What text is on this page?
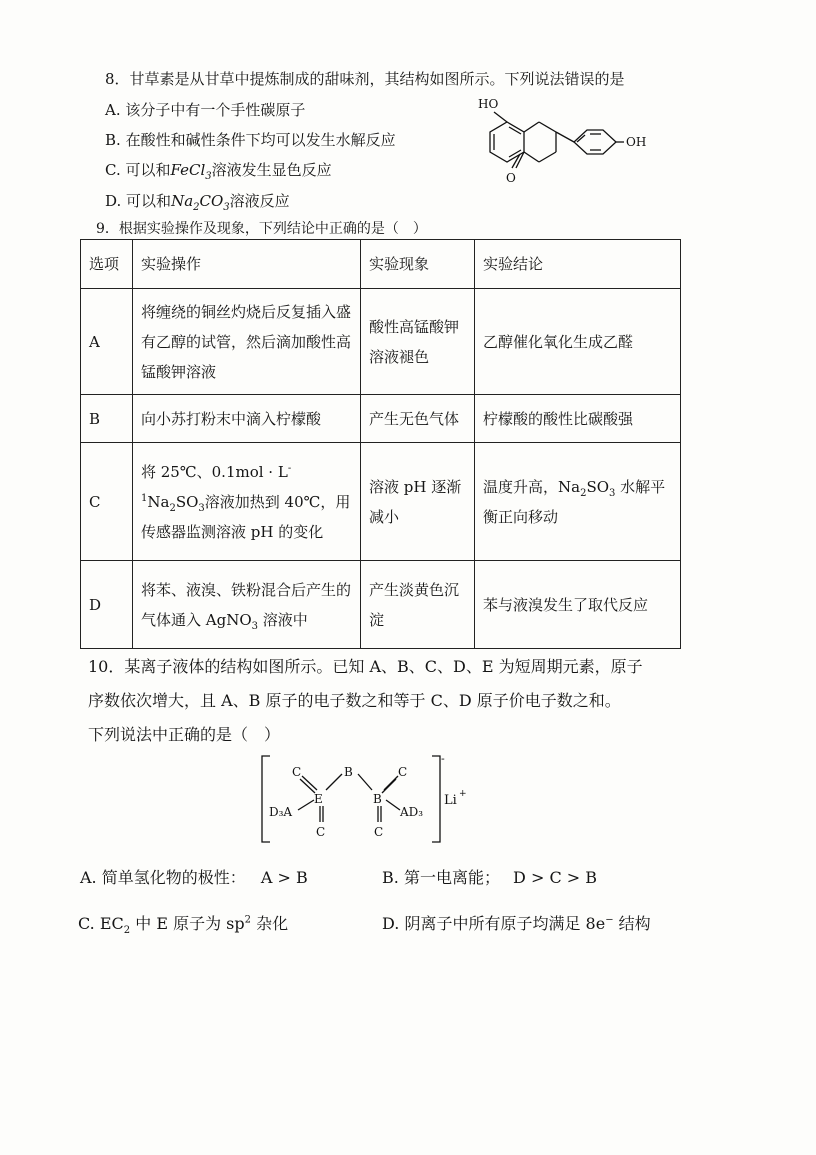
8．甘草素是从甘草中提炼制成的甜味剂，其结构如图所示。下列说法错误的是
A. 该分子中有一个手性碳原子
B. 在酸性和碱性条件下均可以发生水解反应
C. 可以和FeCl$_3$溶液发生显色反应
D. 可以和$Na_2CO_3$溶液反应
HO
OH
O
9．根据实验操作及现象，下列结论中正确的是（　）
选项	实验操作	实验现象	实验结论
A	将缠绕的铜丝灼烧后反复插入盛有乙醇的试管，然后滴加酸性高锰酸钾溶液	酸性高锰酸钾溶液褪色	乙醇催化氧化生成乙醛
B	向小苏打粉末中滴入柠檬酸	产生无色气体	柠檬酸的酸性比碳酸强
C	将 25℃、$0.1mol \cdot L^{-1}Na_2SO_3$溶液加热到 40℃，用传感器监测溶液 pH 的变化	溶液 pH 逐渐减小	温度升高，$Na_2SO_3$ 水解平衡正向移动
D	将苯、液溴、铁粉混合后产生的气体通入 AgNO$_3$ 溶液中	产生淡黄色沉淀	苯与液溴发生了取代反应
10．某离子液体的结构如图所示。已知 A、B、C、D、E 为短周期元素，原子
序数依次增大，且 A、B 原子的电子数之和等于 C、D 原子价电子数之和。
下列说法中正确的是（　）
C
E
B
B
C
D₃A	AD₃
C	C
-
Li +
A. 简单氢化物的极性： A > B	B. 第一电离能； D > C > B
C. $EC_2$ 中 E 原子为 $sp^2$ 杂化	D. 阴离子中所有原子均满足 8e− 结构
